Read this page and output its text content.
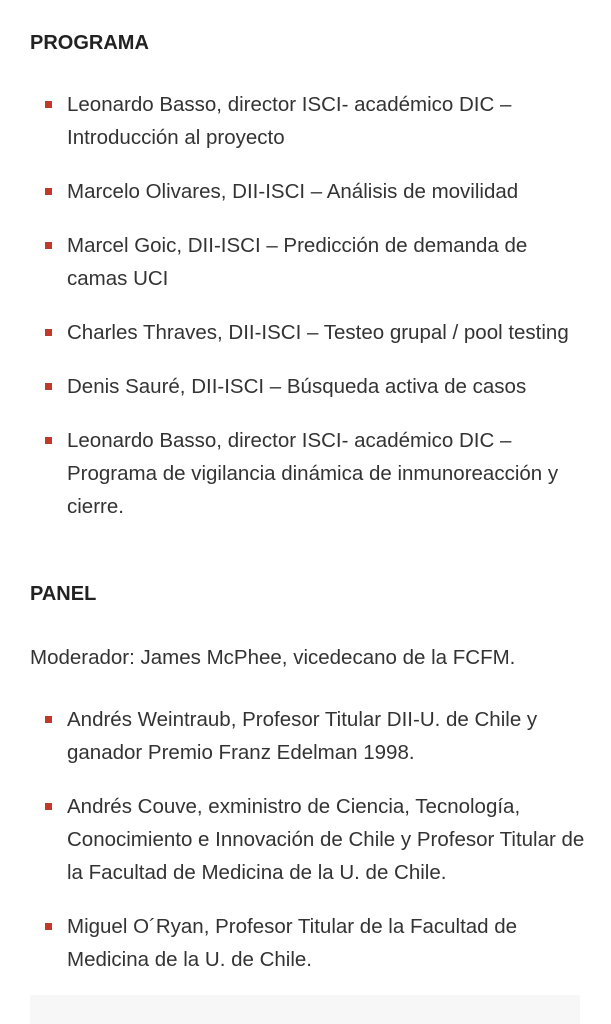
PROGRAMA
Leonardo Basso, director ISCI- académico DIC – Introducción al proyecto
Marcelo Olivares, DII-ISCI – Análisis de movilidad
Marcel Goic, DII-ISCI – Predicción de demanda de camas UCI
Charles Thraves, DII-ISCI – Testeo grupal / pool testing
Denis Sauré, DII-ISCI – Búsqueda activa de casos
Leonardo Basso, director ISCI- académico DIC – Programa de vigilancia dinámica de inmunoreacción y cierre.
PANEL

Moderador: James McPhee, vicedecano de la FCFM.

Andrés Weintraub, Profesor Titular DII-U. de Chile y ganador Premio Franz Edelman 1998.
Andrés Couve, exministro de Ciencia, Tecnología, Conocimiento e Innovación de Chile y Profesor Titular de la Facultad de Medicina de la U. de Chile.
Miguel O´Ryan, Profesor Titular de la Facultad de Medicina de la U. de Chile.
